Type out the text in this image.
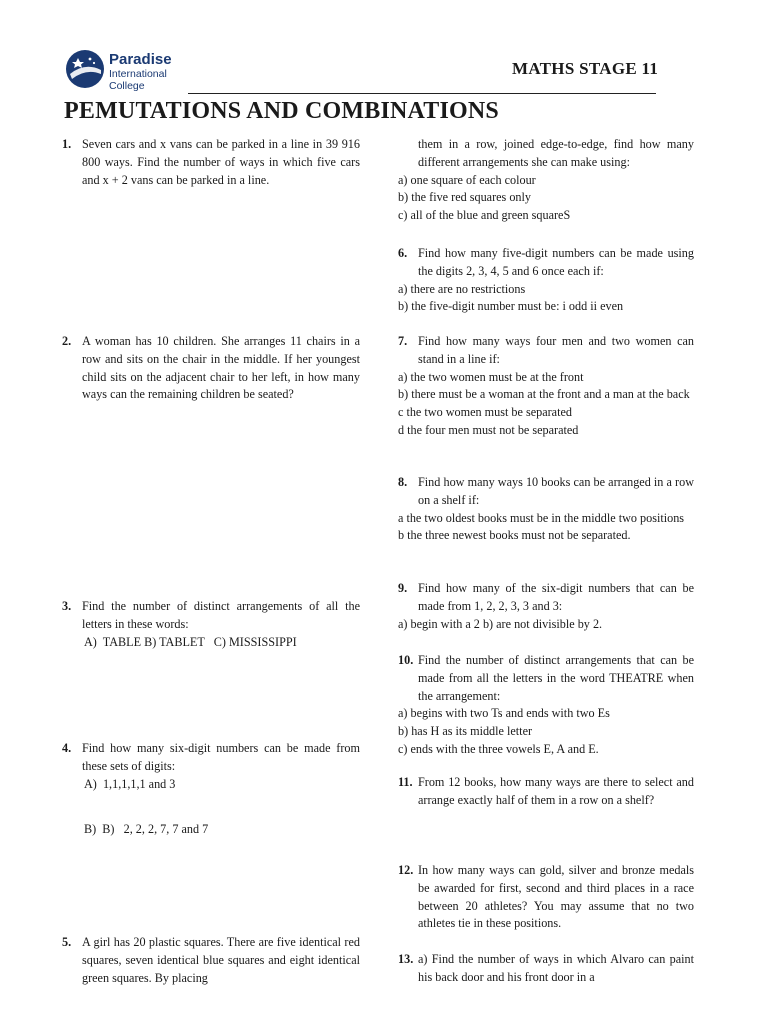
Paradise
International
College
MATHS STAGE 11
PEMUTATIONS AND COMBINATIONS
1. Seven cars and x vans can be parked in a line in 39 916 800 ways. Find the number of ways in which five cars and x + 2 vans can be parked in a line.
2. A woman has 10 children. She arranges 11 chairs in a row and sits on the chair in the middle. If her youngest child sits on the adjacent chair to her left, in how many ways can the remaining children be seated?
3. Find the number of distinct arrangements of all the letters in these words:
A)  TABLE B) TABLET   C) MISSISSIPPI
4. Find how many six-digit numbers can be made from these sets of digits:
A)  1,1,1,1,1 and 3
B)  B)   2, 2, 2, 7, 7 and 7
5. A girl has 20 plastic squares. There are five identical red squares, seven identical blue squares and eight identical green squares. By placing
them in a row, joined edge-to-edge, find how many different arrangements she can make using:
a) one square of each colour
b) the five red squares only
c) all of the blue and green squareS
6. Find how many five-digit numbers can be made using the digits 2, 3, 4, 5 and 6 once each if:
a) there are no restrictions
b) the five-digit number must be: i odd ii even
7. Find how many ways four men and two women can stand in a line if:
a) the two women must be at the front
b) there must be a woman at the front and a man at the back
c the two women must be separated
d the four men must not be separated
8. Find how many ways 10 books can be arranged in a row on a shelf if:
a the two oldest books must be in the middle two positions
b the three newest books must not be separated.
9. Find how many of the six-digit numbers that can be made from 1, 2, 2, 3, 3 and 3:
a) begin with a 2 b) are not divisible by 2.
10. Find the number of distinct arrangements that can be made from all the letters in the word THEATRE when the arrangement:
a) begins with two Ts and ends with two Es
b) has H as its middle letter
c) ends with the three vowels E, A and E.
11. From 12 books, how many ways are there to select and arrange exactly half of them in a row on a shelf?
12. In how many ways can gold, silver and bronze medals be awarded for first, second and third places in a race between 20 athletes? You may assume that no two athletes tie in these positions.
13. a) Find the number of ways in which Alvaro can paint his back door and his front door in a
